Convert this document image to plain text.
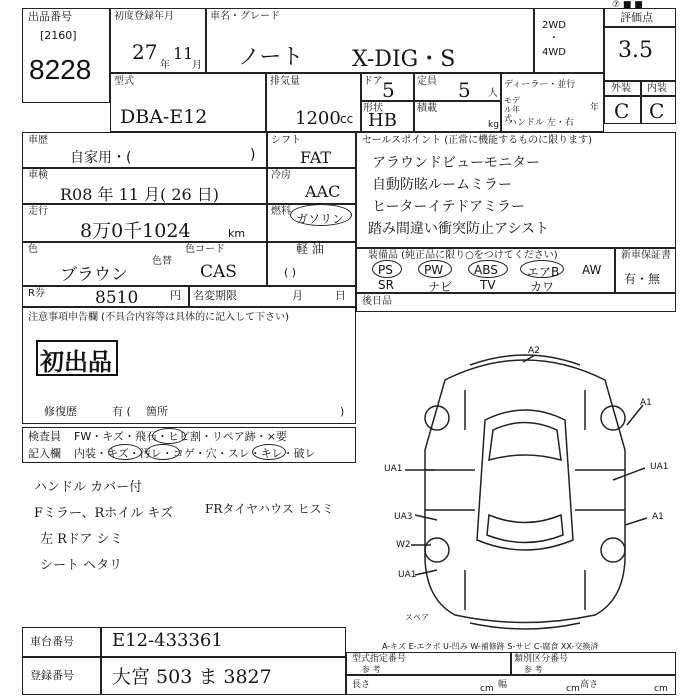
出品番号
[2160]
8228
初度登録年月
27
年
11
月
車名・グレード
ノート X-DIG・S
2WD
・
4WD
⑦ ■ ■
評価点
3.5
外装 内装
C C
型式
DBA-E12
排気量
1200 cc
ドア 5 定員 5 人
形状
HB
積載
kg
ディーラー・並行
モデル年式
年
ハンドル 左・右
車歴
自家用・(	)
車検
R08 年 11 月( 26 日)
走行
8万0千1024	km
色
ブラウン
色替
色コード
CAS
R券	8510	円 名変期限	月	日
シフト
FAT
冷房
AAC
燃料
ガソリン
軽 油
( )
セールスポイント (正常に機能するものに限ります)
アラウンドビューモニター
自動防眩ルームミラー
ヒーターイテドアミラー
踏み間違い衝突防止アシスト
装備品 (純正品に限り○をつけてください)	新車保証書
有・無
PS	PW	ABS エアB AW
SR	ナビ TV	カワ
後日品
注意事項申告欄 (不具合内容等は具体的に記入して下さい)
初出品
修復歴	有 ( 箇所	)
検査員
記入欄
FW・キズ・飛石・ヒビ割・リペア跡・×要
内装・キズ・汚レ・コゲ・穴・スレ・キレ・破レ
ハンドル カバー付
Fミラー、Rホイル キズ	FRタイヤハウス ヒスミ
左 Rドア シミ
シート ヘタリ
A2
A1
UA1	UA1
UA3	A1
W2
UA1
スペア
A-キズ E-エクボ U-凹み W-補修跡 S-サビ C-腐食 XX-交換済
車台番号 E12-433361
登録番号 大宮 503 ま 3827
型式指定番号
参 考
類別区分番号
参 考
長さ	cm 幅	cm 高さ	cm
